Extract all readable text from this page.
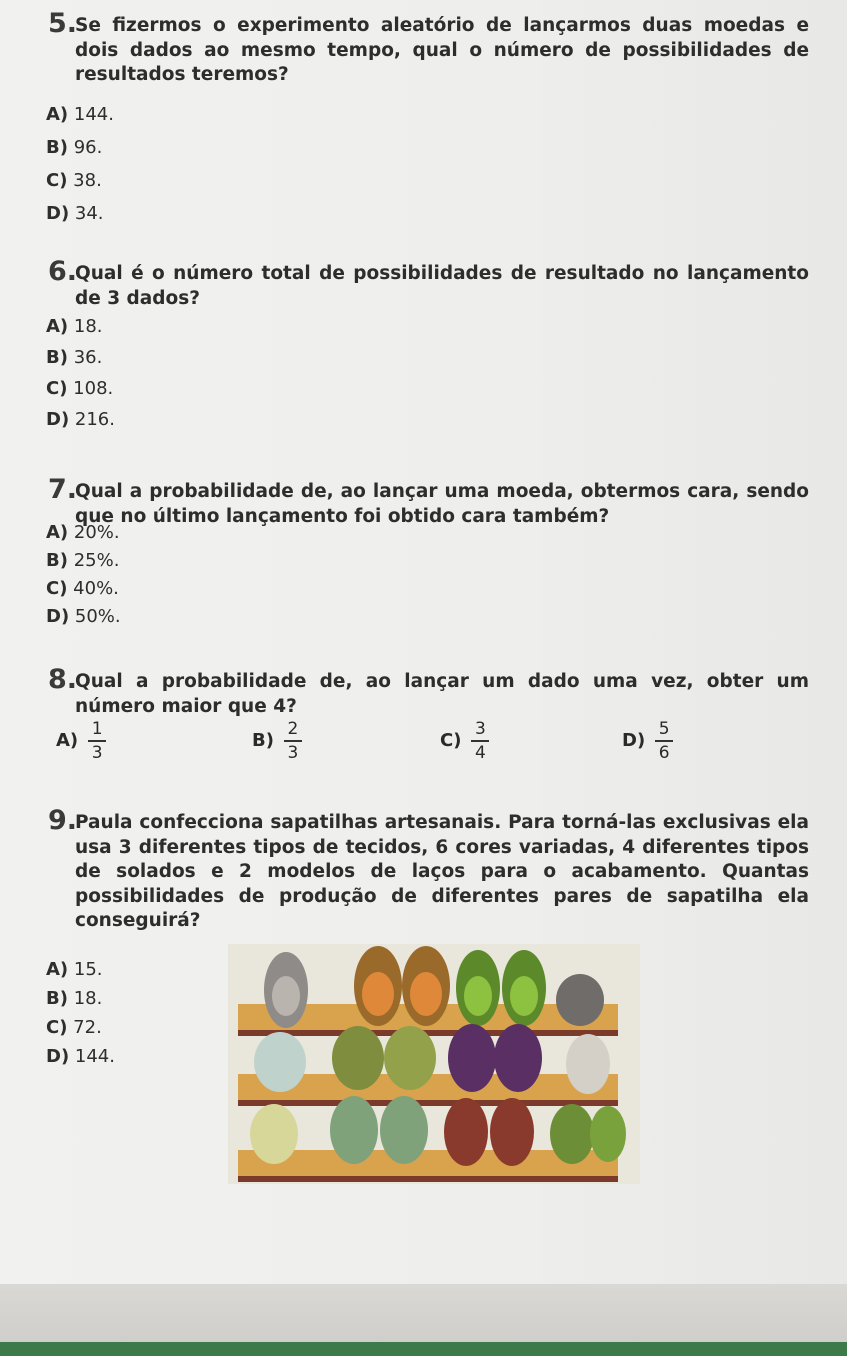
5.
Se fizermos o experimento aleatório de lançarmos duas moedas e dois dados ao mesmo tempo, qual o número de possibilidades de resultados teremos?
A) 144.
B) 96.
C) 38.
D) 34.
6.
Qual é o número total de possibilidades de resultado no lançamento de 3 dados?
A) 18.
B) 36.
C) 108.
D) 216.
7.
Qual a probabilidade de, ao lançar uma moeda, obtermos cara, sendo que no último lançamento foi obtido cara também?
A) 20%.
B) 25%.
C) 40%.
D) 50%.
8.
Qual a probabilidade de, ao lançar um dado uma vez, obter um número maior que 4?
$A) \frac{1}{3}$	$B) \frac{2}{3}$	$C) \frac{3}{4}$	$D) \frac{5}{6}$
9.
Paula confecciona sapatilhas artesanais. Para torná-las exclusivas ela usa 3 diferentes tipos de tecidos, 6 cores variadas, 4 diferentes tipos de solados e 2 modelos de laços para o acabamento. Quantas possibilidades de produção de diferentes pares de sapatilha ela conseguirá?
A) 15.
B) 18.
C) 72.
D) 144.
